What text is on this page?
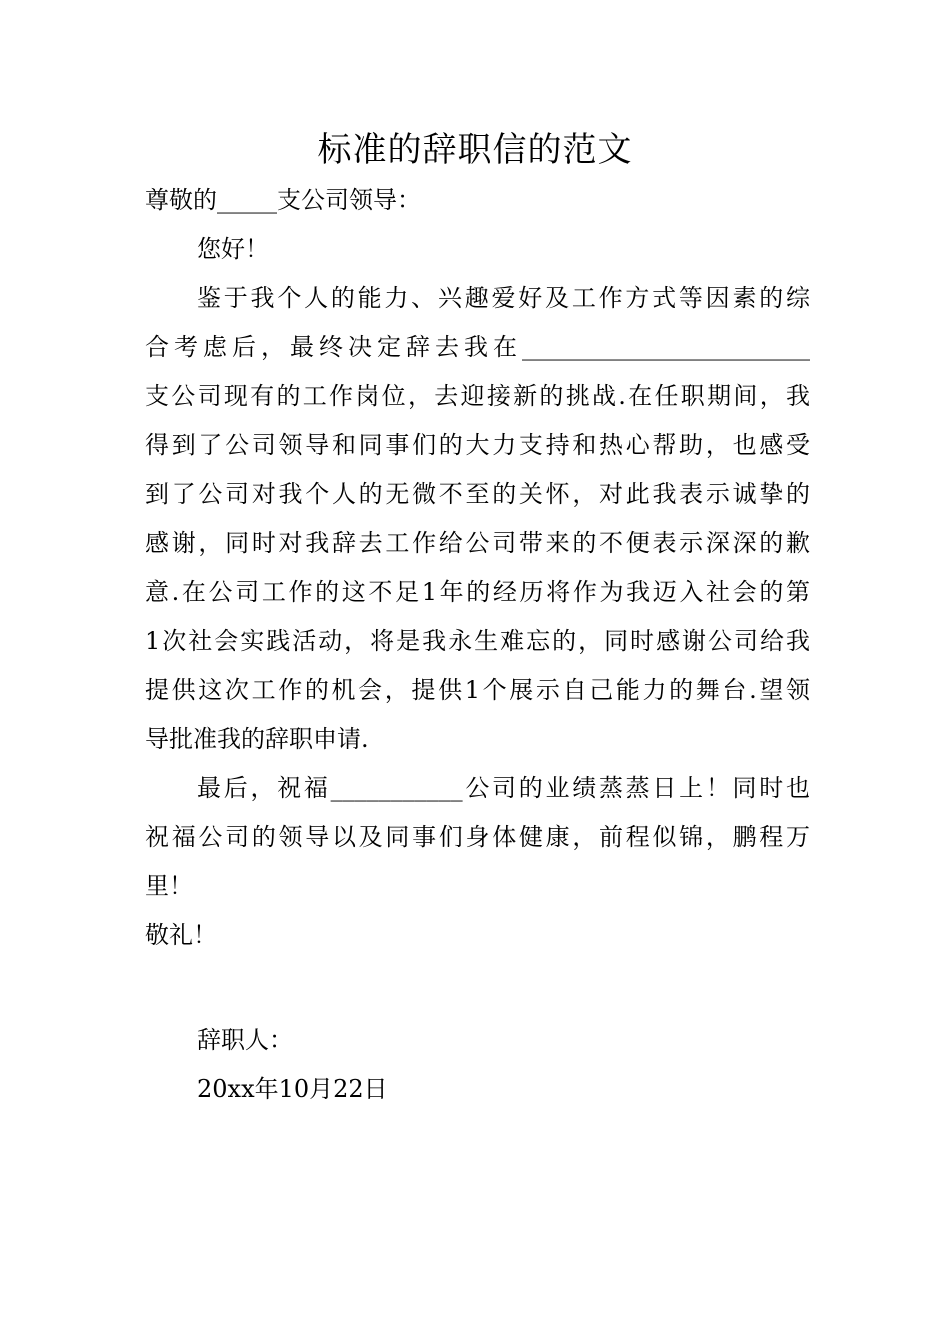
标准的辞职信的范文
尊敬的_____支公司领导：
您好！
鉴于我个人的能力、兴趣爱好及工作方式等因素的综
合考虑后，最终决定辞去我在________________________
支公司现有的工作岗位，去迎接新的挑战.在任职期间，我
得到了公司领导和同事们的大力支持和热心帮助，也感受
到了公司对我个人的无微不至的关怀，对此我表示诚挚的
感谢，同时对我辞去工作给公司带来的不便表示深深的歉
意.在公司工作的这不足1年的经历将作为我迈入社会的第
1次社会实践活动，将是我永生难忘的，同时感谢公司给我
提供这次工作的机会，提供1个展示自己能力的舞台.望领
导批准我的辞职申请.
最后，祝福___________公司的业绩蒸蒸日上！同时也
祝福公司的领导以及同事们身体健康，前程似锦，鹏程万
里！
敬礼！
辞职人：
20xx年10月22日
